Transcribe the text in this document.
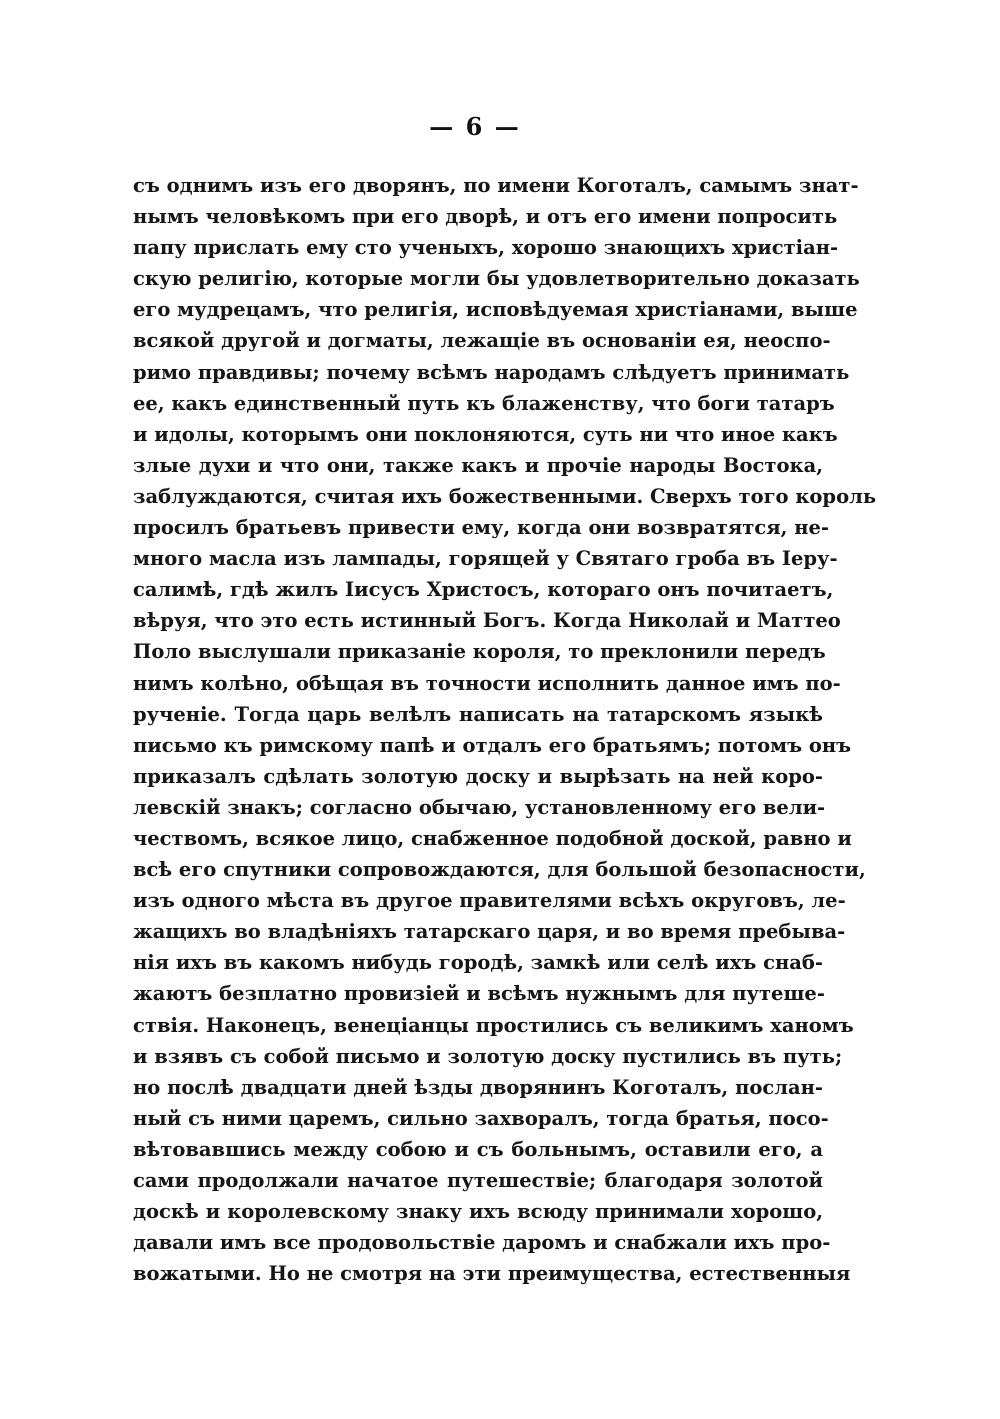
— 6 —
съ однимъ изъ его дворянъ, по имени Коготалъ, самымъ знат-
нымъ человѣкомъ при его дворѣ, и отъ его имени попросить
папу прислать ему сто ученыхъ, хорошо знающихъ христіан-
скую религію, которые могли бы удовлетворительно доказать
его мудрецамъ, что религія, исповѣдуемая христіанами, выше
всякой другой и догматы, лежащіе въ основаніи ея, неоспо-
римо правдивы; почему всѣмъ народамъ слѣдуетъ принимать
ее, какъ единственный путь къ блаженству, что боги татаръ
и идолы, которымъ они поклоняются, суть ни что иное какъ
злые духи и что они, также какъ и прочіе народы Востока,
заблуждаются, считая ихъ божественными. Сверхъ того король
просилъ братьевъ привести ему, когда они возвратятся, не-
много масла изъ лампады, горящей у Святаго гроба въ Іеру-
салимѣ, гдѣ жилъ Іисусъ Христосъ, котораго онъ почитаетъ,
вѣруя, что это есть истинный Богъ. Когда Николай и Маттео
Поло выслушали приказаніе короля, то преклонили передъ
нимъ колѣно, обѣщая въ точности исполнить данное имъ по-
рученіе. Тогда царь велѣлъ написать на татарскомъ языкѣ
письмо къ римскому папѣ и отдалъ его братьямъ; потомъ онъ
приказалъ сдѣлать золотую доску и вырѣзать на ней коро-
левскій знакъ; согласно обычаю, установленному его вели-
чествомъ, всякое лицо, снабженное подобной доской, равно и
всѣ его спутники сопровождаются, для большой безопасности,
изъ одного мѣста въ другое правителями всѣхъ округовъ, ле-
жащихъ во владѣніяхъ татарскаго царя, и во время пребыва-
нія ихъ въ какомъ нибудь городѣ, замкѣ или селѣ ихъ снаб-
жаютъ безплатно провизіей и всѣмъ нужнымъ для путеше-
ствія. Наконецъ, венеціанцы простились съ великимъ ханомъ
и взявъ съ собой письмо и золотую доску пустились въ путь;
но послѣ двадцати дней ѣзды дворянинъ Коготалъ, послан-
ный съ ними царемъ, сильно захворалъ, тогда братья, посо-
вѣтовавшись между собою и съ больнымъ, оставили его, а
сами продолжали начатое путешествіе; благодаря золотой
доскѣ и королевскому знаку ихъ всюду принимали хорошо,
давали имъ все продовольствіе даромъ и снабжали ихъ про-
вожатыми. Но не смотря на эти преимущества, естественныя
